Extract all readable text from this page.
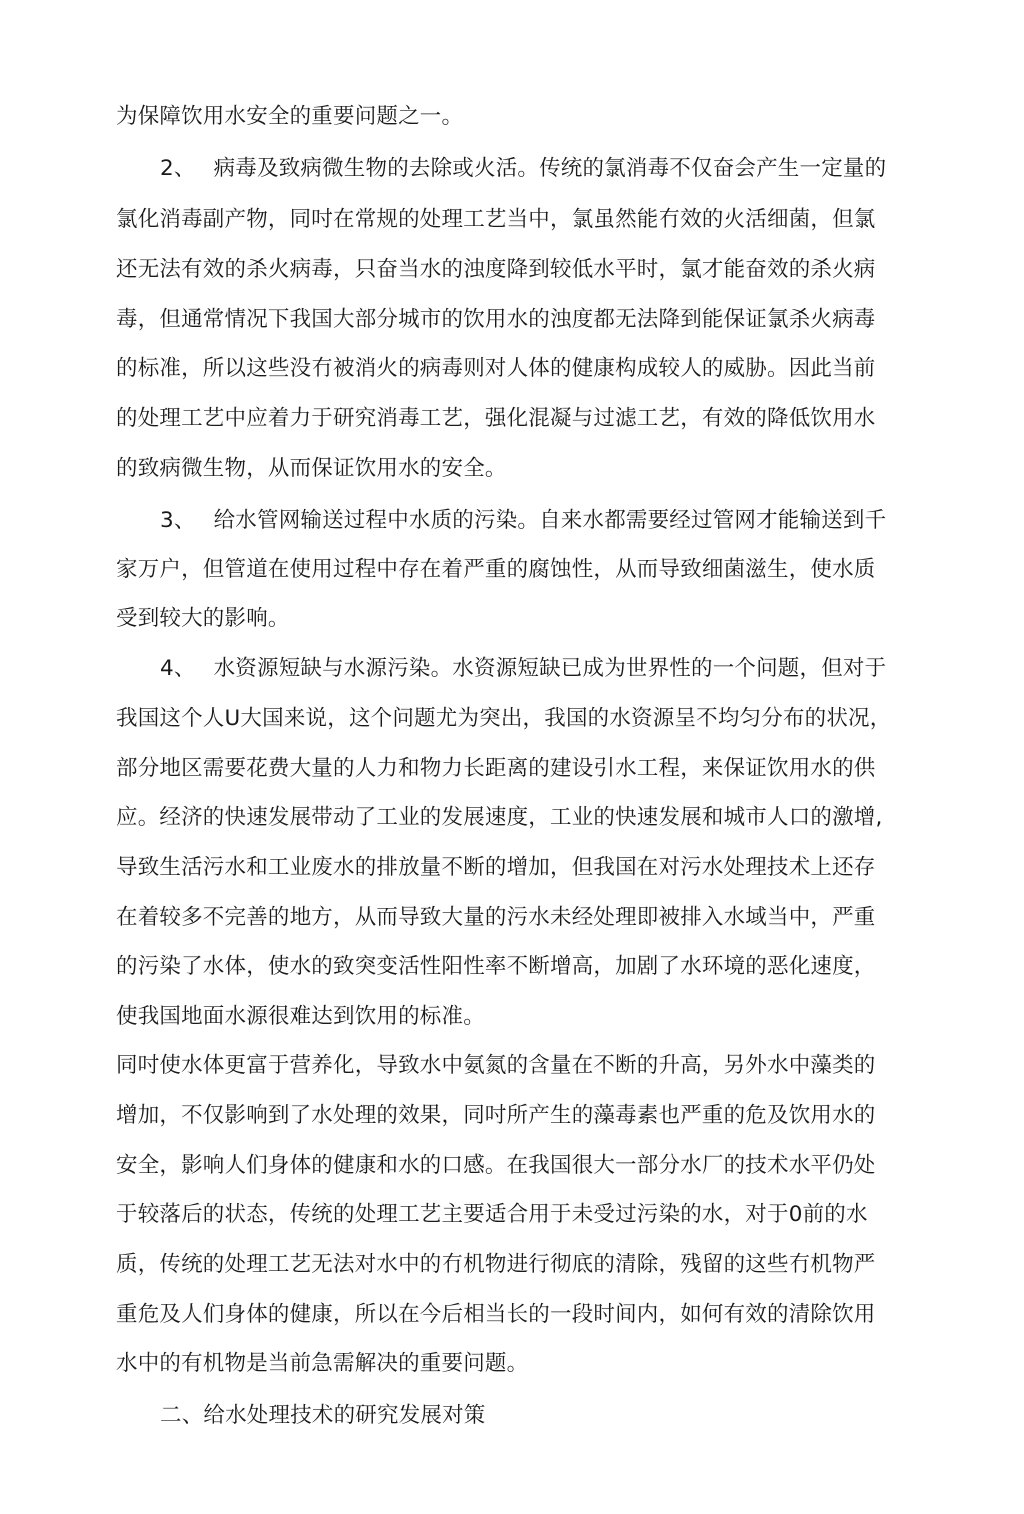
为保障饮用水安全的重要问题之一。
2、 病毒及致病微生物的去除或火活。传统的氯消毒不仅奋会产生一定量的
氯化消毒副产物，同吋在常规的处理工艺当中，氯虽然能冇效的火活细菌，但氯
还无法有效的杀火病毒，只奋当水的浊度降到较低水平时，氯才能奋效的杀火病
毒，但通常情况下我国大部分城市的饮用水的浊度都无法降到能保证氯杀火病毒
的标准，所以这些没冇被消火的病毒则对人体的健康构成较人的威胁。因此当前
的处理工艺中应着力于研究消毒工艺，强化混凝与过滤工艺，有效的降低饮用水
的致病微生物，从而保证饮用水的安全。
3、 给水管网输送过程中水质的污染。自来水都需要经过管网才能输送到千
家万户，但管道在使用过程中存在着严重的腐蚀性，从而导致细菌滋生，使水质
受到较大的影响。
4、 水资源短缺与水源污染。水资源短缺已成为世界性的一个问题，但对于
我国这个人U大国来说，这个问题尤为突出，我国的水资源呈不均匀分布的状况，
部分地区需要花费大量的人力和物力长距离的建设引水工程，来保证饮用水的供
应。经济的快速发展带动了工业的发展速度，工业的快速发展和城市人口的激增,
导致生活污水和工业废水的排放量不断的增加，但我国在对污水处理技术上还存
在着较多不完善的地方，从而导致大量的污水未经处理即被排入水域当中，严重
的污染了水体，使水的致突变活性阳性率不断增高，加剧了水环境的恶化速度，
使我国地面水源很难达到饮用的标准。
同吋使水体更富于营养化，导致水中氨氮的含量在不断的升高，另外水中藻类的
增加，不仅影响到了水处理的效果，同吋所产生的藻毒素也严重的危及饮用水的
安全，影响人们身体的健康和水的口感。在我国很大一部分水厂的技术水平仍处
于较落后的状态，传统的处理工艺主要适合用于未受过污染的水，对于0前的水
质，传统的处理工艺无法对水中的冇机物进行彻底的清除，残留的这些冇机物严
重危及人们身体的健康，所以在今后相当长的一段时间内，如何有效的清除饮用
水中的有机物是当前急需解决的重要问题。
二、给水处理技术的研究发展对策
